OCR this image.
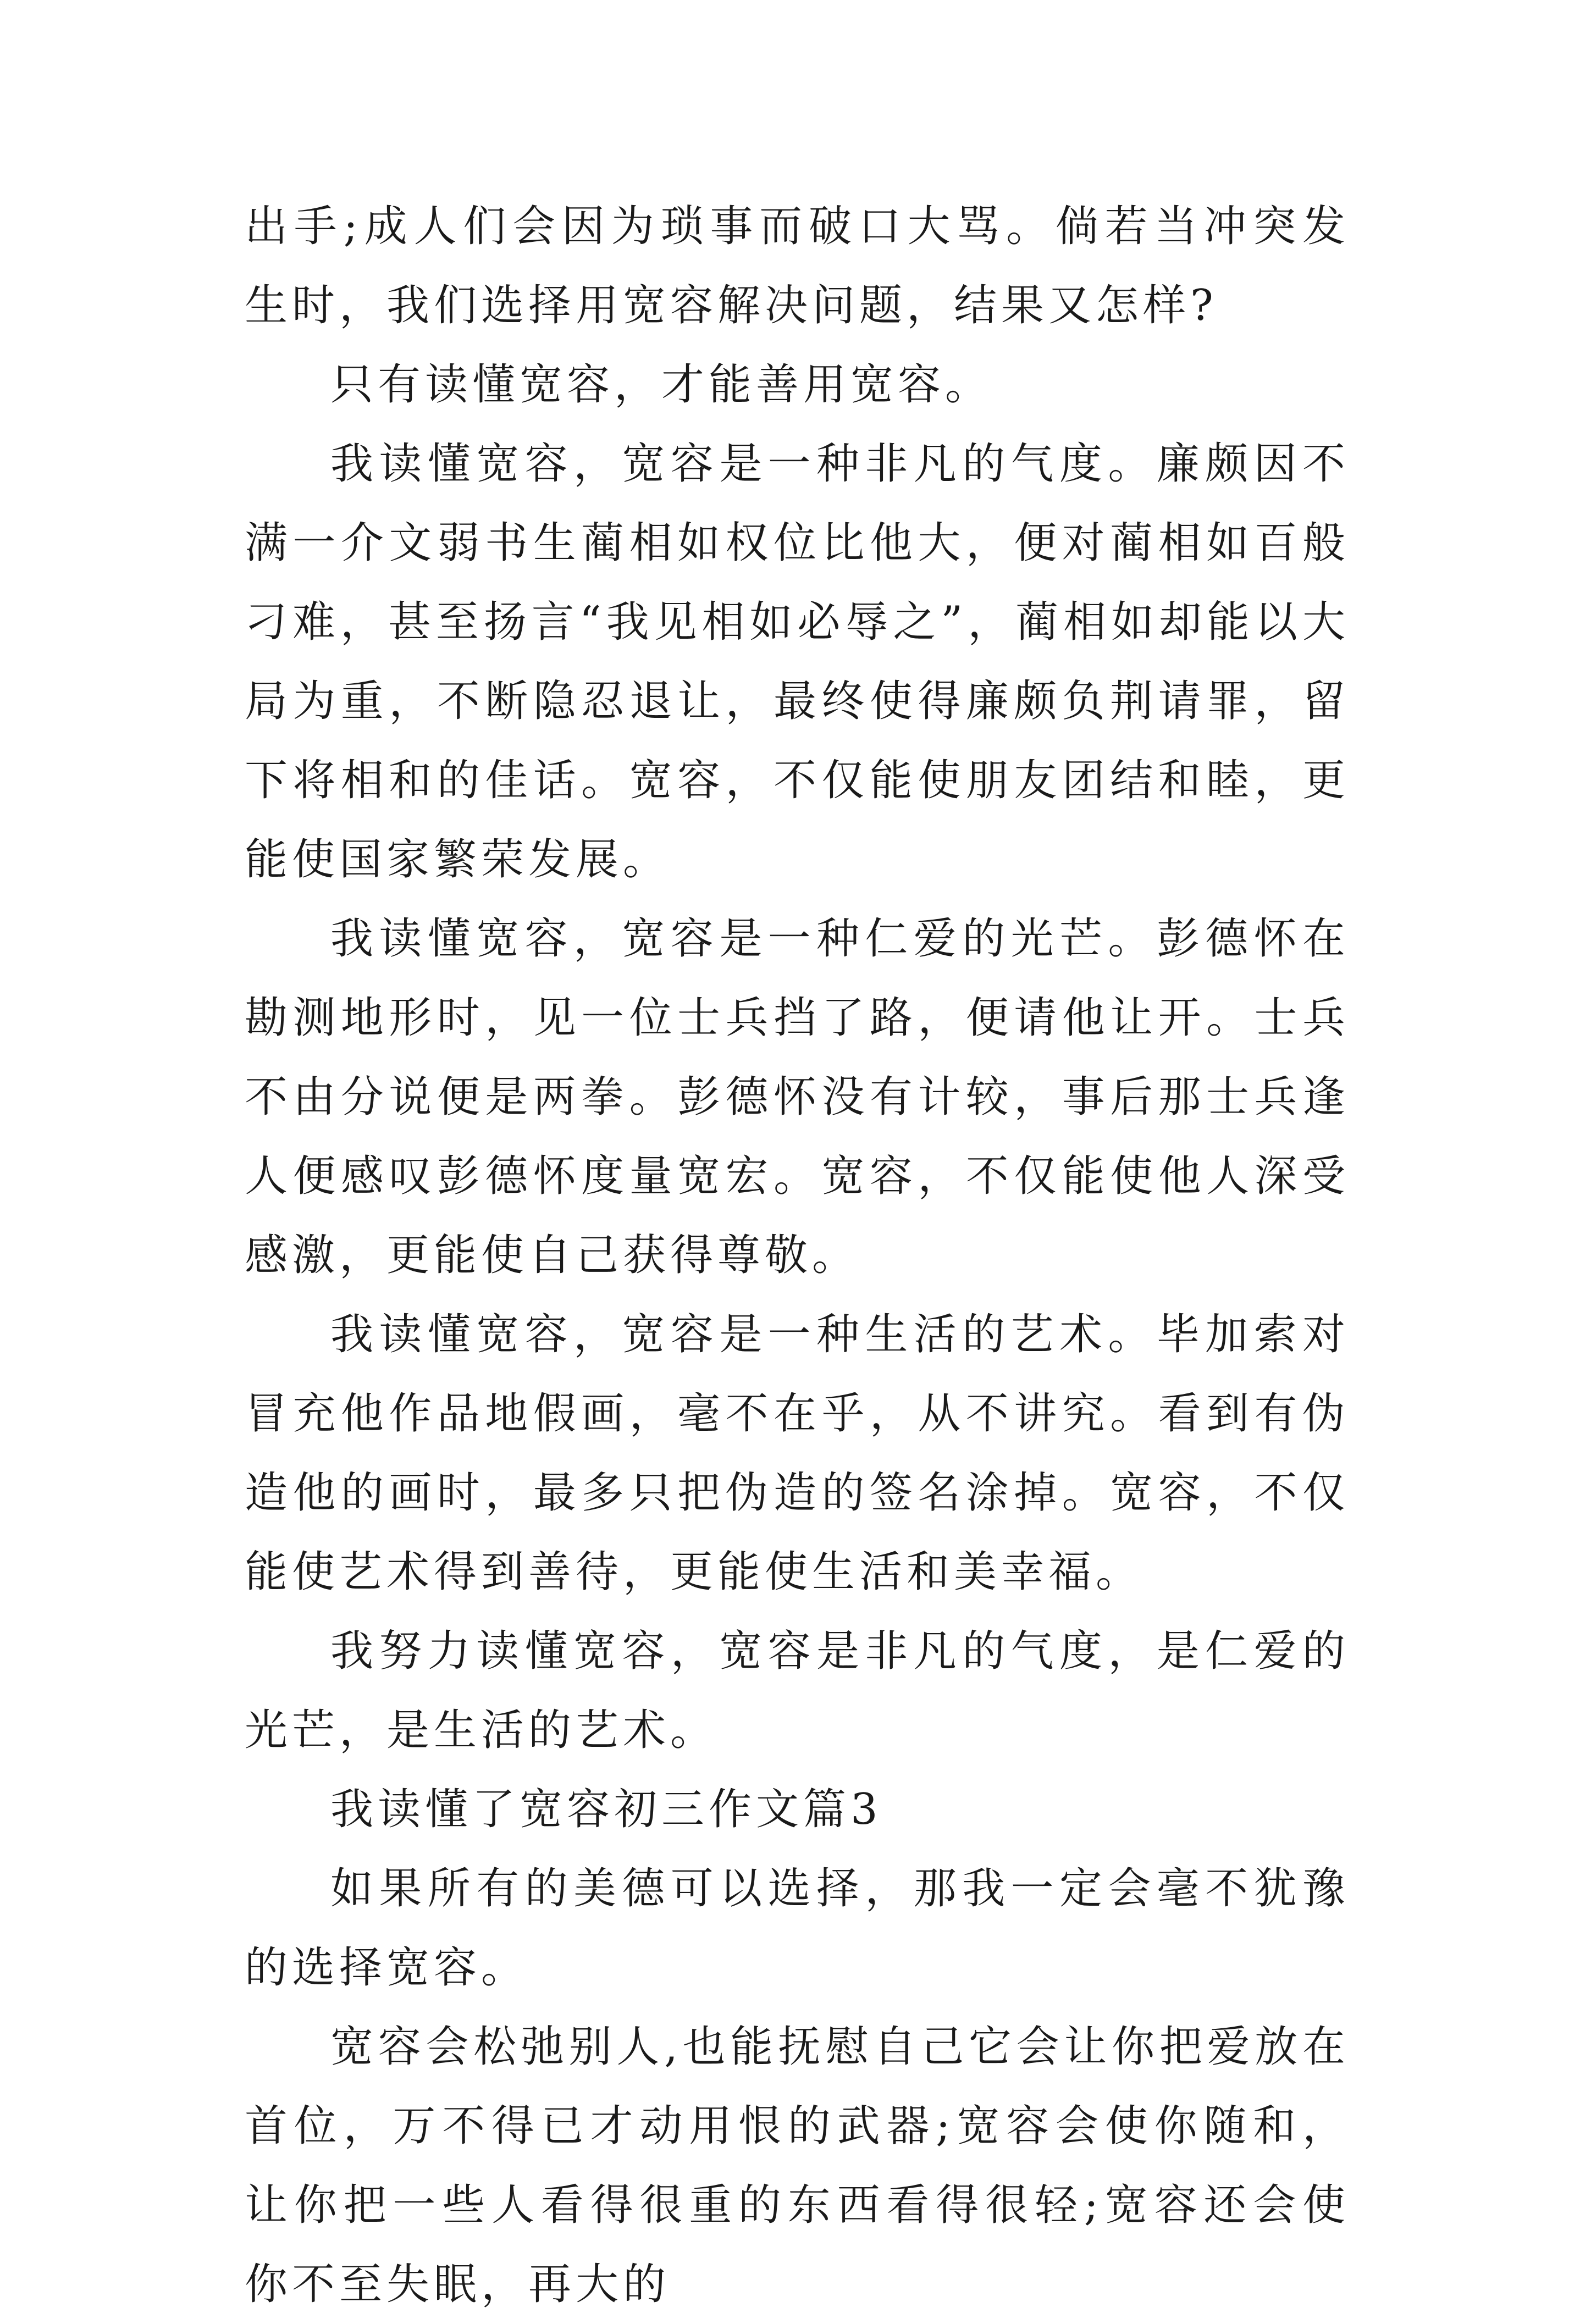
出手;成人们会因为琐事而破口大骂。倘若当冲突发生时，我们选择用宽容解决问题，结果又怎样?

只有读懂宽容，才能善用宽容。

我读懂宽容，宽容是一种非凡的气度。廉颇因不满一介文弱书生蔺相如权位比他大，便对蔺相如百般刁难，甚至扬言“我见相如必辱之”，蔺相如却能以大局为重，不断隐忍退让，最终使得廉颇负荆请罪，留下将相和的佳话。宽容，不仅能使朋友团结和睦，更能使国家繁荣发展。

我读懂宽容，宽容是一种仁爱的光芒。彭德怀在勘测地形时，见一位士兵挡了路，便请他让开。士兵不由分说便是两拳。彭德怀没有计较，事后那士兵逢人便感叹彭德怀度量宽宏。宽容，不仅能使他人深受感激，更能使自己获得尊敬。

我读懂宽容，宽容是一种生活的艺术。毕加索对冒充他作品地假画，毫不在乎，从不讲究。看到有伪造他的画时，最多只把伪造的签名涂掉。宽容，不仅能使艺术得到善待，更能使生活和美幸福。

我努力读懂宽容，宽容是非凡的气度，是仁爱的光芒，是生活的艺术。

我读懂了宽容初三作文篇3

如果所有的美德可以选择，那我一定会毫不犹豫的选择宽容。

宽容会松弛别人,也能抚慰自己它会让你把爱放在首位，万不得已才动用恨的武器;宽容会使你随和，让你把一些人看得很重的东西看得很轻;宽容还会使你不至失眠，再大的
